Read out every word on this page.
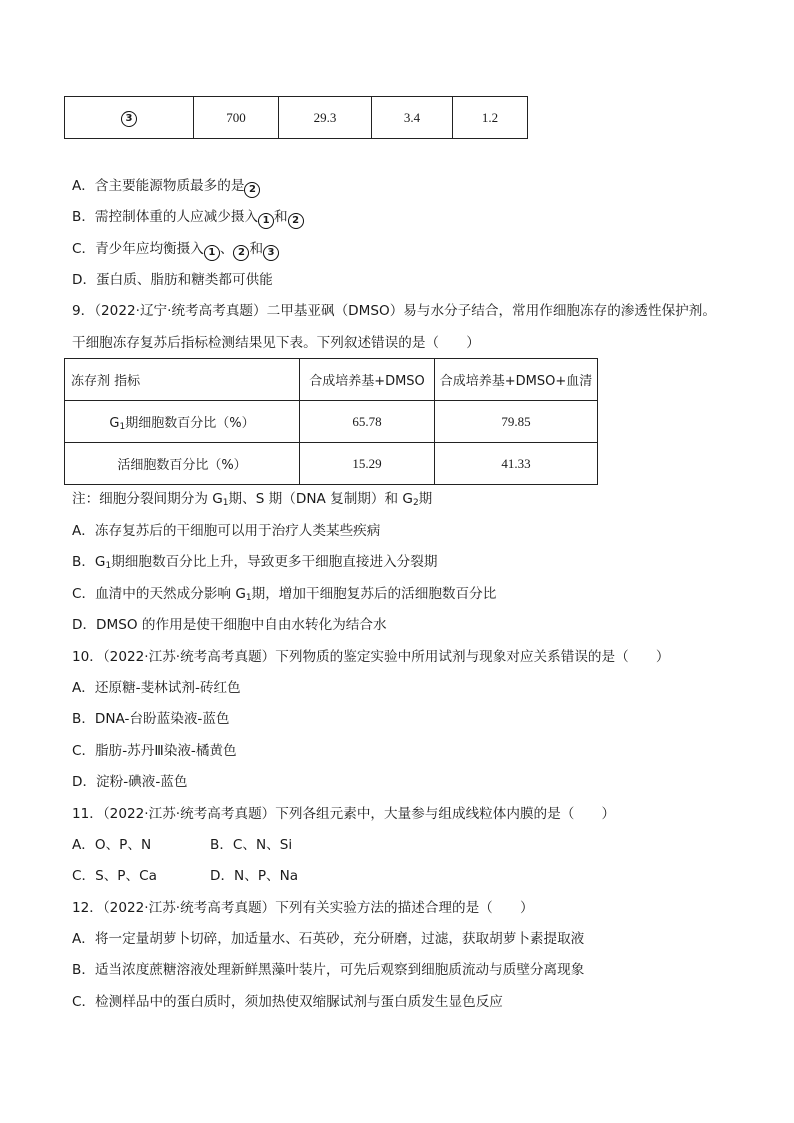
3	700	29.3	3.4	1.2
A．含主要能源物质最多的是 2
B．需控制体重的人应减少摄入 1 和 2
C．青少年应均衡摄入 1 、 2 和 3
D．蛋白质、脂肪和糖类都可供能
9．（2022·辽宁·统考高考真题）二甲基亚砜（DMSO）易与水分子结合，常用作细胞冻存的渗透性保护剂。
干细胞冻存复苏后指标检测结果见下表。下列叙述错误的是（　　）
冻存剂 指标	合成培养基+DMSO	合成培养基+DMSO+血清
$G_1$期细胞数百分比（%）	65.78	79.85
活细胞数百分比（%）	15.29	41.33
注：细胞分裂间期分为 $G_1$期、S 期（DNA 复制期）和 $G_2$期
A．冻存复苏后的干细胞可以用于治疗人类某些疾病
B．$G_1$期细胞数百分比上升，导致更多干细胞直接进入分裂期
C．血清中的天然成分影响 $G_1$期，增加干细胞复苏后的活细胞数百分比
D．DMSO 的作用是使干细胞中自由水转化为结合水
10．（2022·江苏·统考高考真题）下列物质的鉴定实验中所用试剂与现象对应关系错误的是（　　）
A．还原糖-斐林试剂-砖红色
B．DNA-台盼蓝染液-蓝色
C．脂肪-苏丹Ⅲ染液-橘黄色
D．淀粉-碘液-蓝色
11．（2022·江苏·统考高考真题）下列各组元素中，大量参与组成线粒体内膜的是（　　）
A．O、P、N	B．C、N、Si
C．S、P、Ca	D．N、P、Na
12．（2022·江苏·统考高考真题）下列有关实验方法的描述合理的是（　　）
A．将一定量胡萝卜切碎，加适量水、石英砂，充分研磨，过滤，获取胡萝卜素提取液
B．适当浓度蔗糖溶液处理新鲜黑藻叶装片，可先后观察到细胞质流动与质壁分离现象
C．检测样品中的蛋白质时，须加热使双缩脲试剂与蛋白质发生显色反应
